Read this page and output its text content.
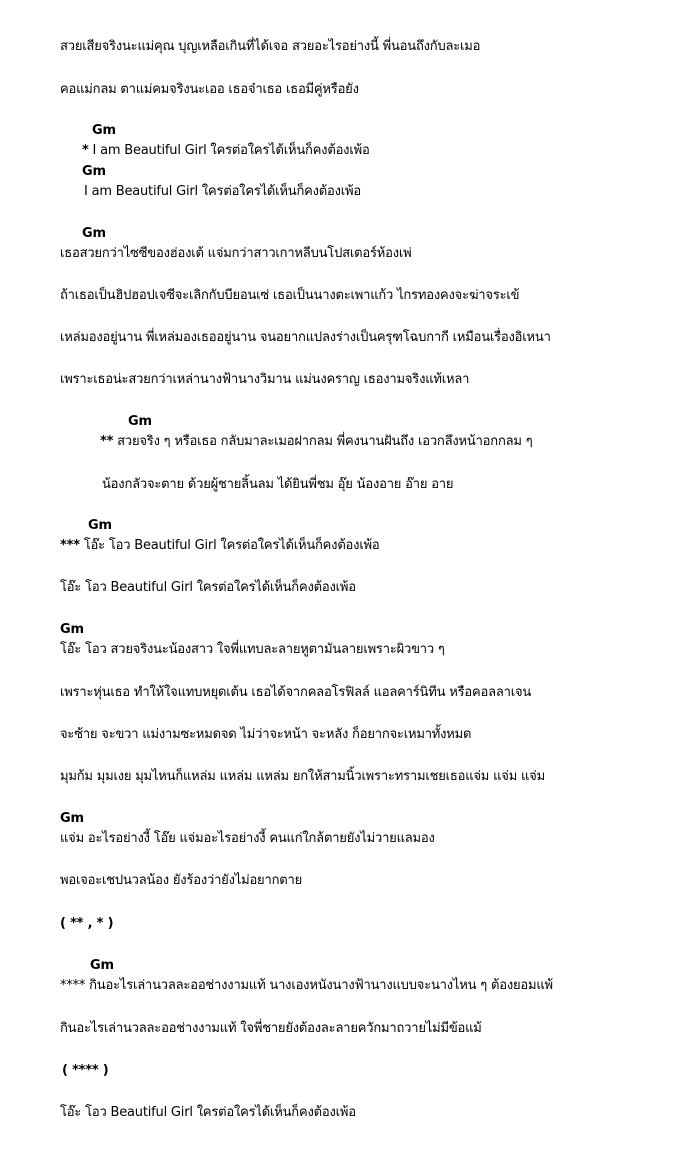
สวยเสียจริงนะแม่คุณ บุญเหลือเกินที่ได้เจอ สวยอะไรอย่างนี้ พี่นอนถึงกับละเมอ
คอแม่กลม ตาแม่คมจริงนะเออ เธอจ๋าเธอ เธอมีคู่หรือยัง
Gm
* I am Beautiful Girl ใครต่อใครได้เห็นก็คงต้องเพ้อ
Gm
I am Beautiful Girl ใครต่อใครได้เห็นก็คงต้องเพ้อ
Gm
เธอสวยกว่าไซซีของฮ่องเต้ แจ่มกว่าสาวเกาหลีบนโปสเตอร์ห้องเพ่
ถ้าเธอเป็นฮิปฮอปเจซีจะเลิกกับบียอนเซ่ เธอเป็นนางตะเพาแก้ว ไกรทองคงจะฆ่าจระเข้
เหล่มองอยู่นาน พี่เหล่มองเธออยู่นาน จนอยากแปลงร่างเป็นครุฑโฉบกากี เหมือนเรื่องอิเหนา
เพราะเธอน่ะสวยกว่าเหล่านางฟ้านางวิมาน แม่นงคราญ เธองามจริงแท้เหลา
Gm
** สวยจริง ๆ หรือเธอ กลับมาละเมอฝากลม พี่คงนานฝันถึง เอวกลึงหน้าอกกลม ๆ
น้องกลัวจะตาย ด้วยผู้ชายลิ้นลม ได้ยินพี่ชม อุ๊ย น้องอาย อ๊าย อาย
Gm
*** โอ๊ะ โอว Beautiful Girl ใครต่อใครได้เห็นก็คงต้องเพ้อ
โอ๊ะ โอว Beautiful Girl ใครต่อใครได้เห็นก็คงต้องเพ้อ
Gm
โอ๊ะ โอว สวยจริงนะน้องสาว ใจพี่แทบละลายหูตามันลายเพราะผิวขาว ๆ
เพราะหุ่นเธอ ทำให้ใจแทบหยุดเต้น เธอได้จากคลอโรฟิลล์ แอลคาร์นิทีน หรือคอลลาเจน
จะซ้าย จะขวา แม่งามซะหมดจด ไม่ว่าจะหน้า จะหลัง ก็อยากจะเหมาทั้งหมด
มุมก้ม มุมเงย มุมไหนก็แหล่ม แหล่ม แหล่ม ยกให้สามนิ้วเพราะทรามเชยเธอแจ่ม แจ่ม แจ่ม
Gm
แจ่ม อะไรอย่างงี้ โอ๊ย แจ่มอะไรอย่างงี้ คนแก่ใกล้ตายยังไม่วายแลมอง
พอเจอะเชปนวลน้อง ยังร้องว่ายังไม่อยากตาย
( ** , * )
Gm
**** กินอะไรเล่านวลละออช่างงามแท้ นางเองหนังนางฟ้านางแบบจะนางไหน ๆ ต้องยอมแพ้
กินอะไรเล่านวลละออช่างงามแท้ ใจพี่ชายยังต้องละลายควักมาถวายไม่มีข้อแม้
( **** )
โอ๊ะ โอว Beautiful Girl ใครต่อใครได้เห็นก็คงต้องเพ้อ
